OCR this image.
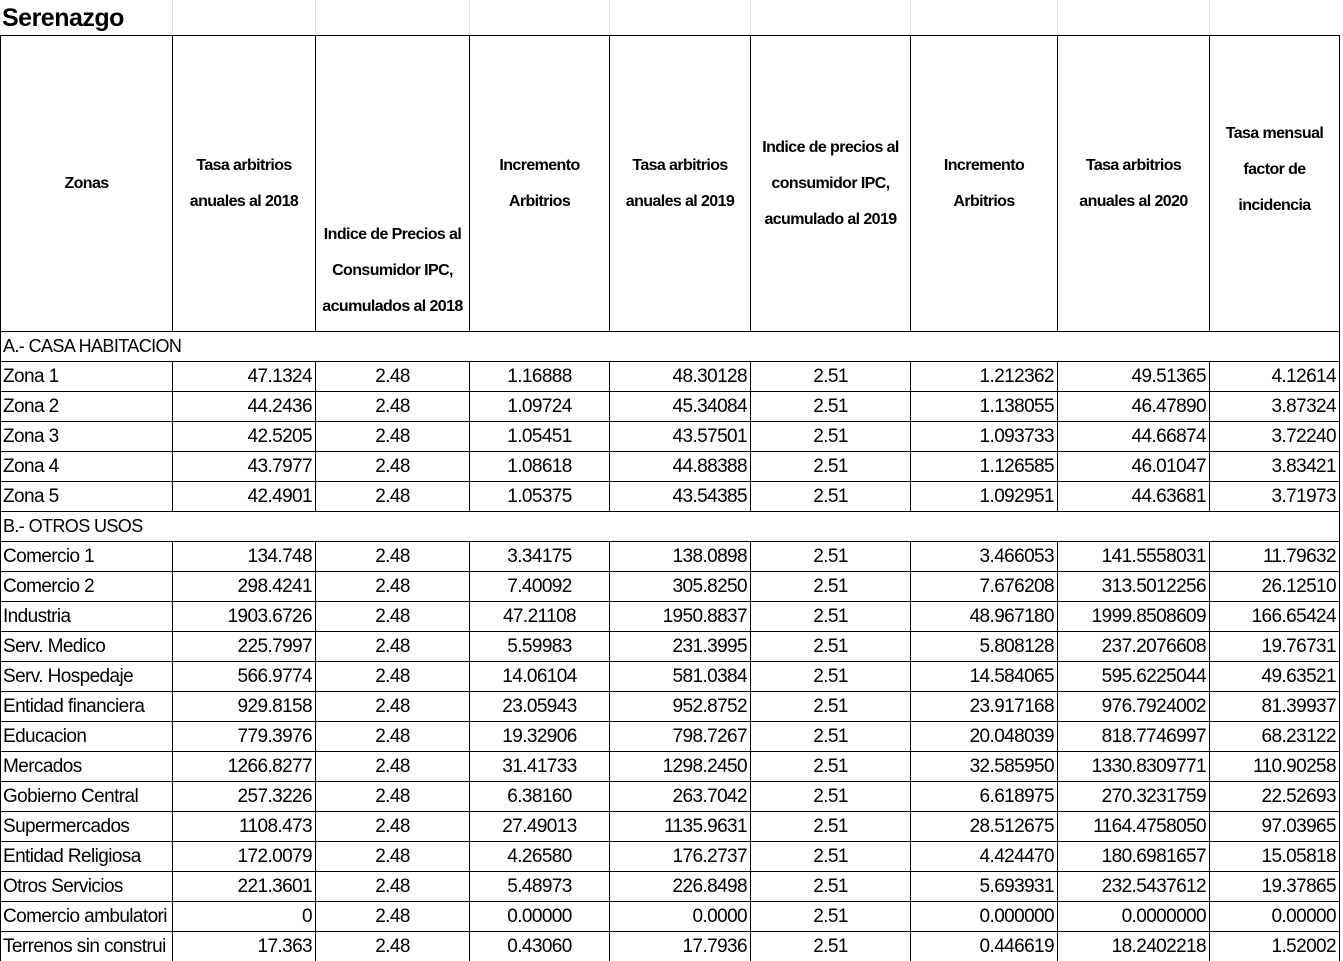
Serenazgo
Zonas	Tasa arbitrios anuales al 2018	Indice de Precios al Consumidor IPC, acumulados al 2018	Incremento Arbitrios	Tasa arbitrios anuales al 2019	Indice de precios al consumidor IPC, acumulado al 2019	Incremento Arbitrios	Tasa arbitrios anuales al 2020	Tasa mensual factor de incidencia
A.- CASA HABITACION								
Zona 1	47.1324	2.48	1.16888	48.30128	2.51	1.212362	49.51365	4.12614
Zona 2	44.2436	2.48	1.09724	45.34084	2.51	1.138055	46.47890	3.87324
Zona 3	42.5205	2.48	1.05451	43.57501	2.51	1.093733	44.66874	3.72240
Zona 4	43.7977	2.48	1.08618	44.88388	2.51	1.126585	46.01047	3.83421
Zona 5	42.4901	2.48	1.05375	43.54385	2.51	1.092951	44.63681	3.71973
B.- OTROS USOS								
Comercio 1	134.748	2.48	3.34175	138.0898	2.51	3.466053	141.5558031	11.79632
Comercio 2	298.4241	2.48	7.40092	305.8250	2.51	7.676208	313.5012256	26.12510
Industria	1903.6726	2.48	47.21108	1950.8837	2.51	48.967180	1999.8508609	166.65424
Serv. Medico	225.7997	2.48	5.59983	231.3995	2.51	5.808128	237.2076608	19.76731
Serv. Hospedaje	566.9774	2.48	14.06104	581.0384	2.51	14.584065	595.6225044	49.63521
Entidad financiera	929.8158	2.48	23.05943	952.8752	2.51	23.917168	976.7924002	81.39937
Educacion	779.3976	2.48	19.32906	798.7267	2.51	20.048039	818.7746997	68.23122
Mercados	1266.8277	2.48	31.41733	1298.2450	2.51	32.585950	1330.8309771	110.90258
Gobierno Central	257.3226	2.48	6.38160	263.7042	2.51	6.618975	270.3231759	22.52693
Supermercados	1108.473	2.48	27.49013	1135.9631	2.51	28.512675	1164.4758050	97.03965
Entidad Religiosa	172.0079	2.48	4.26580	176.2737	2.51	4.424470	180.6981657	15.05818
Otros Servicios	221.3601	2.48	5.48973	226.8498	2.51	5.693931	232.5437612	19.37865
Comercio ambulatori	0	2.48	0.00000	0.0000	2.51	0.000000	0.0000000	0.00000
Terrenos sin construi	17.363	2.48	0.43060	17.7936	2.51	0.446619	18.2402218	1.52002
